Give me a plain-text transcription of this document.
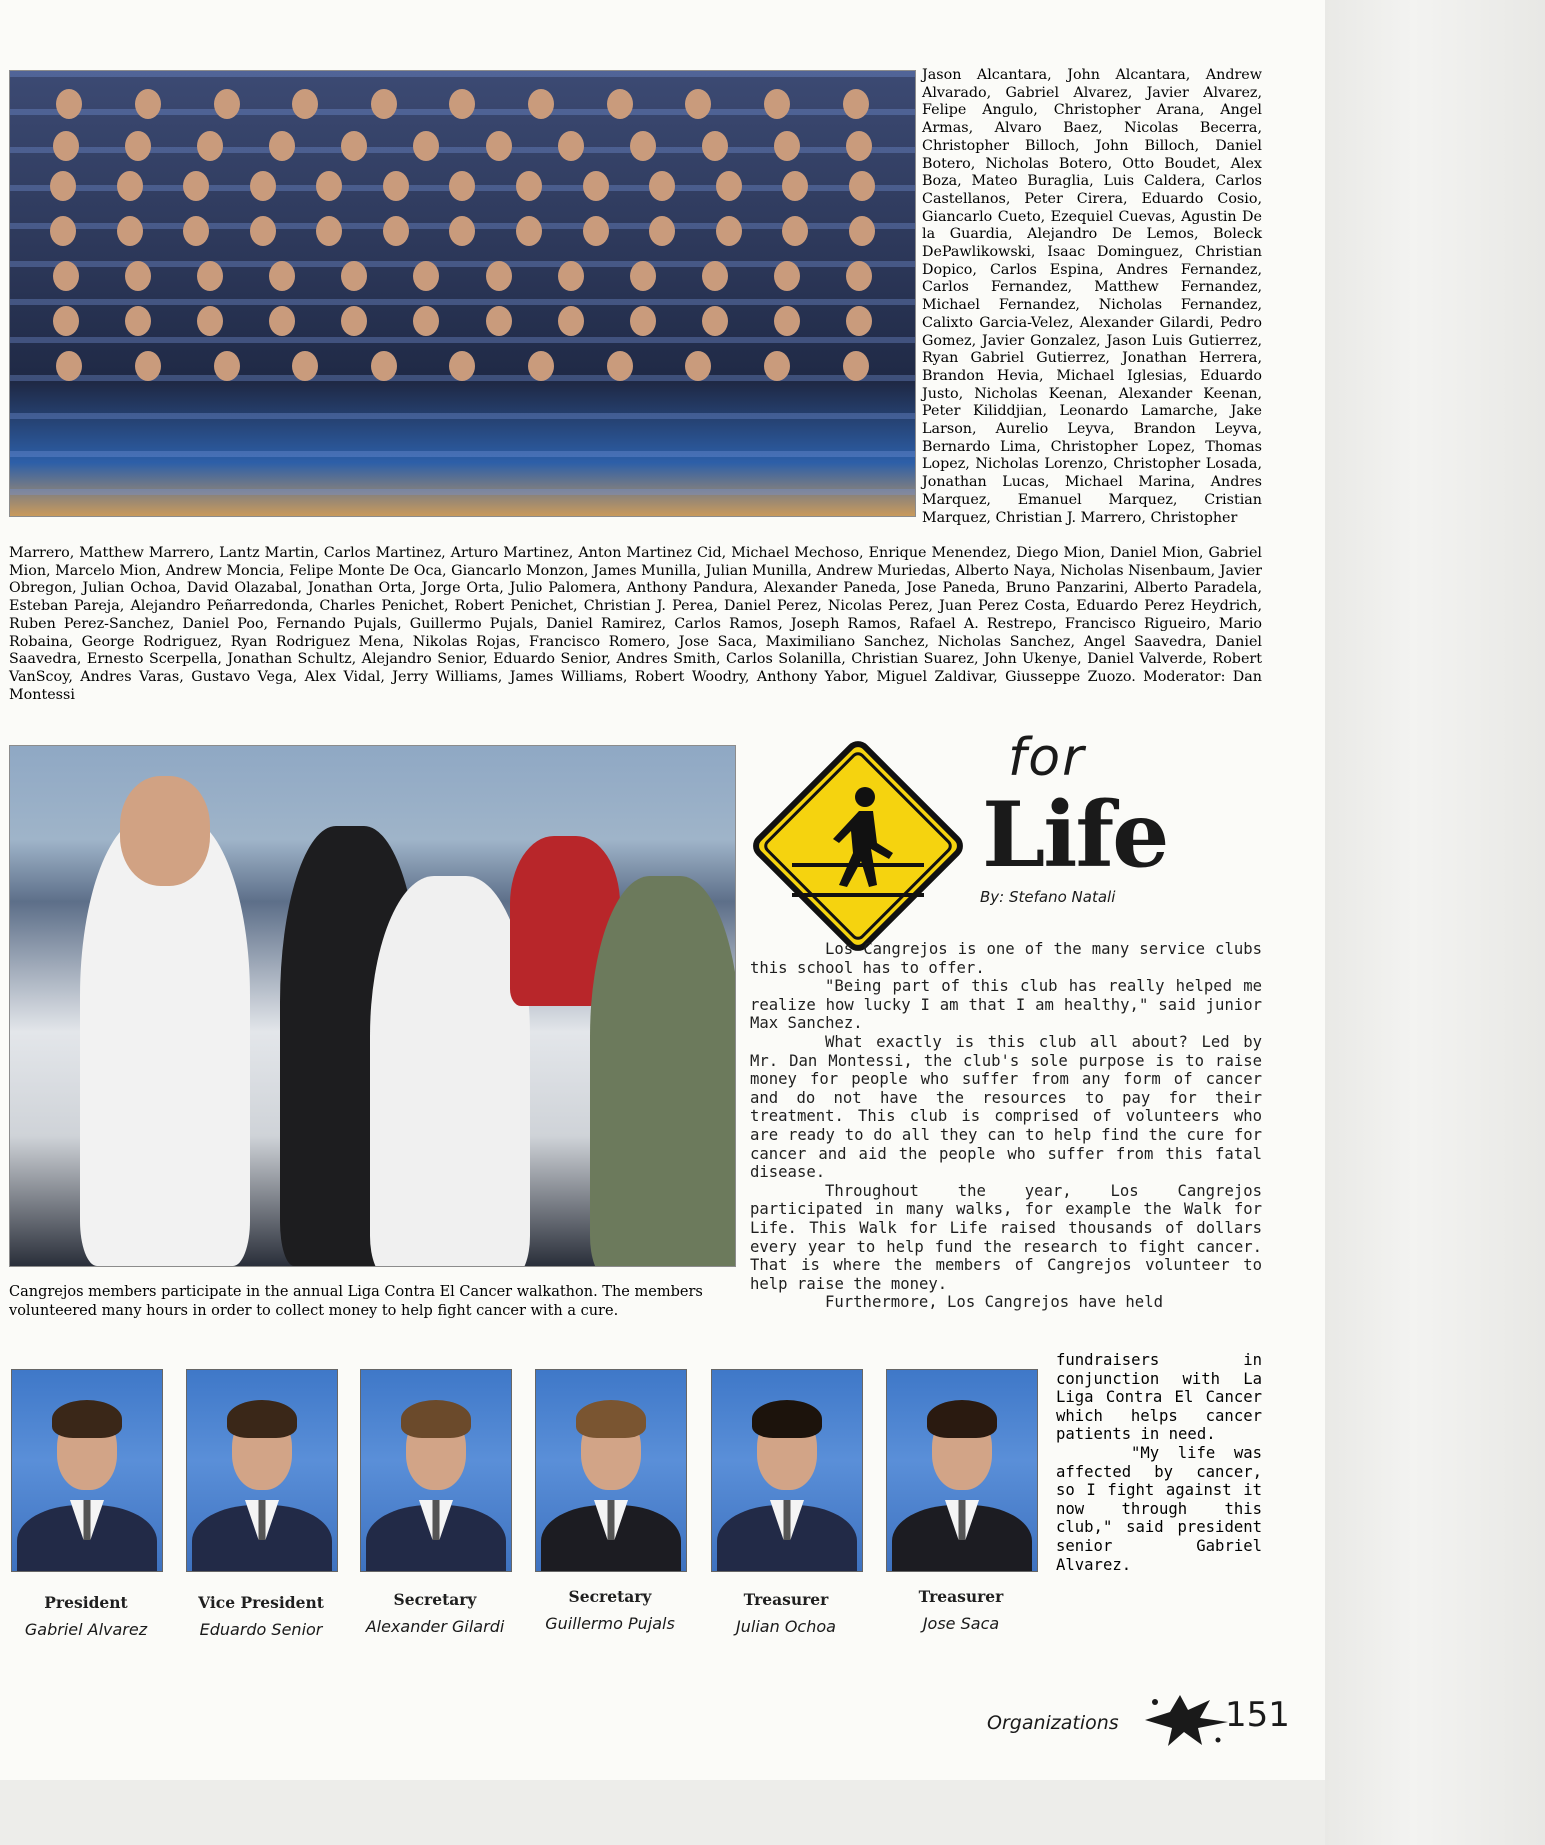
Jason Alcantara, John Alcantara, Andrew Alvarado, Gabriel Alvarez, Javier Alvarez, Felipe Angulo, Christopher Arana, Angel Armas, Alvaro Baez, Nicolas Becerra, Christopher Billoch, John Billoch, Daniel Botero, Nicholas Botero, Otto Boudet, Alex Boza, Mateo Buraglia, Luis Caldera, Carlos Castellanos, Peter Cirera, Eduardo Cosio, Giancarlo Cueto, Ezequiel Cuevas, Agustin De la Guardia, Alejandro De Lemos, Boleck DePawlikowski, Isaac Dominguez, Christian Dopico, Carlos Espina, Andres Fernandez, Carlos Fernandez, Matthew Fernandez, Michael Fernandez, Nicholas Fernandez, Calixto Garcia-Velez, Alexander Gilardi, Pedro Gomez, Javier Gonzalez, Jason Luis Gutierrez, Ryan Gabriel Gutierrez, Jonathan Herrera, Brandon Hevia, Michael Iglesias, Eduardo Justo, Nicholas Keenan, Alexander Keenan, Peter Kiliddjian, Leonardo Lamarche, Jake Larson, Aurelio Leyva, Brandon Leyva, Bernardo Lima, Christopher Lopez, Thomas Lopez, Nicholas Lorenzo, Christopher Losada, Jonathan Lucas, Michael Marina, Andres Marquez, Emanuel Marquez, Cristian Marquez, Christian J. Marrero, Christopher
Marrero, Matthew Marrero, Lantz Martin, Carlos Martinez, Arturo Martinez, Anton Martinez Cid, Michael Mechoso, Enrique Menendez, Diego Mion, Daniel Mion, Gabriel Mion, Marcelo Mion, Andrew Moncia, Felipe Monte De Oca, Giancarlo Monzon, James Munilla, Julian Munilla, Andrew Muriedas, Alberto Naya, Nicholas Nisenbaum, Javier Obregon, Julian Ochoa, David Olazabal, Jonathan Orta, Jorge Orta, Julio Palomera, Anthony Pandura, Alexander Paneda, Jose Paneda, Bruno Panzarini, Alberto Paradela, Esteban Pareja, Alejandro Peñarredonda, Charles Penichet, Robert Penichet, Christian J. Perea, Daniel Perez, Nicolas Perez, Juan Perez Costa, Eduardo Perez Heydrich, Ruben Perez-Sanchez, Daniel Poo, Fernando Pujals, Guillermo Pujals, Daniel Ramirez, Carlos Ramos, Joseph Ramos, Rafael A. Restrepo, Francisco Rigueiro, Mario Robaina, George Rodriguez, Ryan Rodriguez Mena, Nikolas Rojas, Francisco Romero, Jose Saca, Maximiliano Sanchez, Nicholas Sanchez, Angel Saavedra, Daniel Saavedra, Ernesto Scerpella, Jonathan Schultz, Alejandro Senior, Eduardo Senior, Andres Smith, Carlos Solanilla, Christian Suarez, John Ukenye, Daniel Valverde, Robert VanScoy, Andres Varas, Gustavo Vega, Alex Vidal, Jerry Williams, James Williams, Robert Woodry, Anthony Yabor, Miguel Zaldivar, Giusseppe Zuozo. Moderator: Dan Montessi
Cangrejos members participate in the annual Liga Contra El Cancer walkathon. The members volunteered many hours in order to collect money to help fight cancer with a cure.
for
Life
By: Stefano Natali

Los Cangrejos is one of the many service clubs this school has to offer.

"Being part of this club has really helped me realize how lucky I am that I am healthy," said junior Max Sanchez.

What exactly is this club all about? Led by Mr. Dan Montessi, the club's sole purpose is to raise money for people who suffer from any form of cancer and do not have the resources to pay for their treatment. This club is comprised of volunteers who are ready to do all they can to help find the cure for cancer and aid the people who suffer from this fatal disease.

Throughout the year, Los Cangrejos participated in many walks, for example the Walk for Life. This Walk for Life raised thousands of dollars every year to help fund the research to fight cancer. That is where the members of Cangrejos volunteer to help raise the money.

Furthermore, Los Cangrejos have held

fundraisers in conjunction with La Liga Contra El Cancer which helps cancer patients in need.

"My life was affected by cancer, so I fight against it now through this club," said president senior Gabriel Alvarez.

President
Gabriel Alvarez
Vice President
Eduardo Senior
Secretary
Alexander Gilardi
Secretary
Guillermo Pujals
Treasurer
Julian Ochoa
Treasurer
Jose Saca
Organizations	151
